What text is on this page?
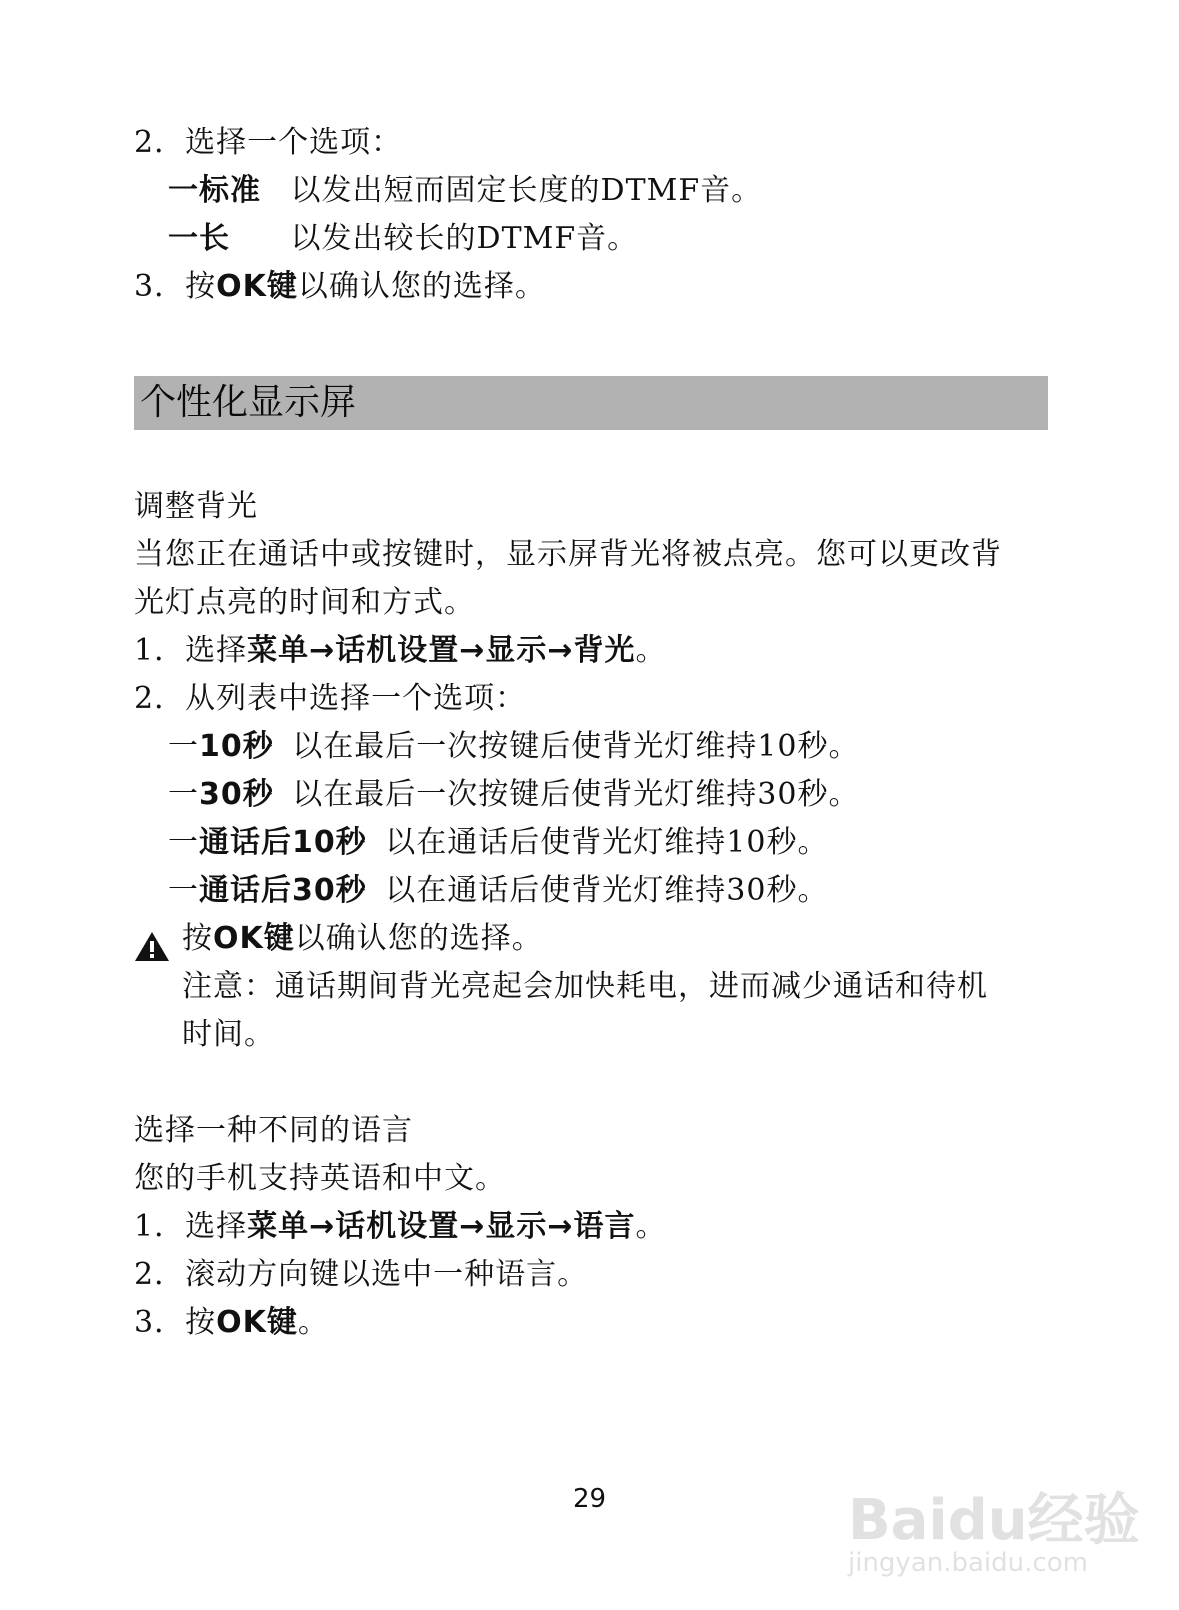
2．选择一个选项：
一标准 以发出短而固定长度的DTMF音。
一长 以发出较长的DTMF音。
3．按OK键以确认您的选择。
个性化显示屏
调整背光
当您正在通话中或按键时，显示屏背光将被点亮。您可以更改背
光灯点亮的时间和方式。
1．选择菜单→话机设置→显示→背光。
2．从列表中选择一个选项：
一10秒 以在最后一次按键后使背光灯维持10秒。
一30秒 以在最后一次按键后使背光灯维持30秒。
一通话后10秒 以在通话后使背光灯维持10秒。
一通话后30秒 以在通话后使背光灯维持30秒。
按OK键以确认您的选择。
注意：通话期间背光亮起会加快耗电，进而减少通话和待机
时间。
选择一种不同的语言
您的手机支持英语和中文。
1．选择菜单→话机设置→显示→语言。
2．滚动方向键以选中一种语言。
3．按OK键。
29	Baidu经验
jingyan.baidu.com
